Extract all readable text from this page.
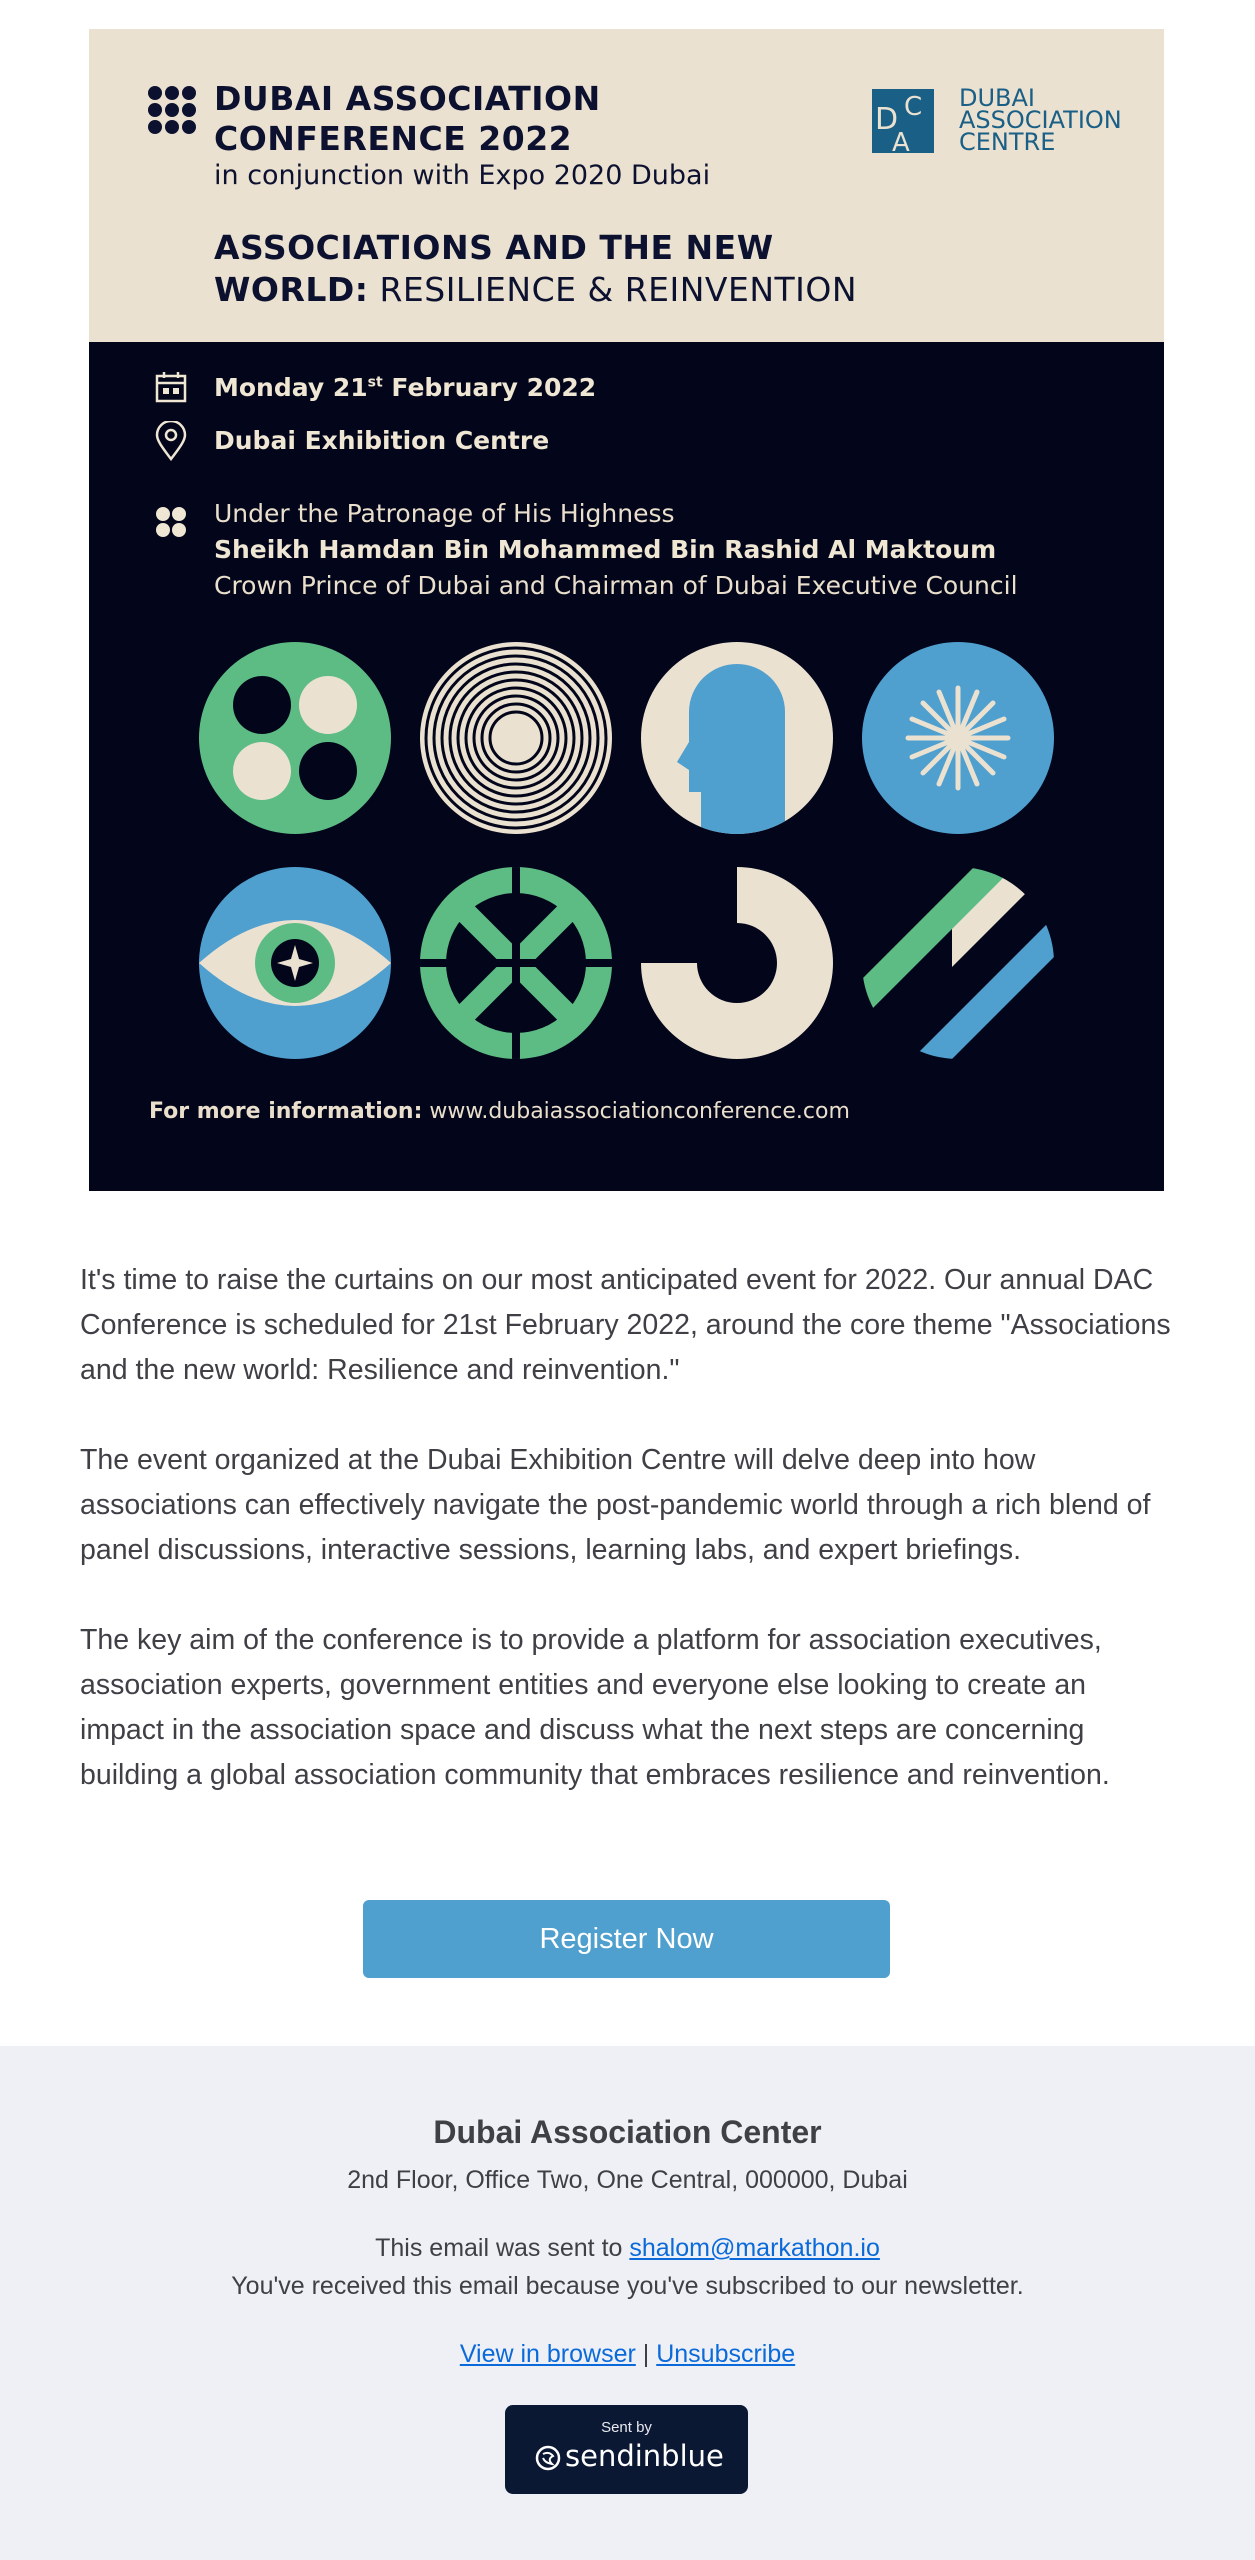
DUBAI ASSOCIATION
CONFERENCE 2022
in conjunction with Expo 2020 Dubai
D C
A
DUBAI
ASSOCIATION
CENTRE
ASSOCIATIONS AND THE NEW
WORLD: RESILIENCE & REINVENTION
Monday 21st February 2022
Dubai Exhibition Centre
Under the Patronage of His Highness
Sheikh Hamdan Bin Mohammed Bin Rashid Al Maktoum
Crown Prince of Dubai and Chairman of Dubai Executive Council
For more information: www.dubaiassociationconference.com

It's time to raise the curtains on our most anticipated event for 2022. Our annual DAC Conference is scheduled for 21st February 2022, around the core theme "Associations and the new world: Resilience and reinvention."

The event organized at the Dubai Exhibition Centre will delve deep into how associations can effectively navigate the post-pandemic world through a rich blend of panel discussions, interactive sessions, learning labs, and expert briefings.

The key aim of the conference is to provide a platform for association executives, association experts, government entities and everyone else looking to create an impact in the association space and discuss what the next steps are concerning building a global association community that embraces resilience and reinvention.

Register Now
Dubai Association Center
2nd Floor, Office Two, One Central, 000000, Dubai
This email was sent to shalom@markathon.io
You've received this email because you've subscribed to our newsletter.
View in browser | Unsubscribe
Sent by
sendinblue
